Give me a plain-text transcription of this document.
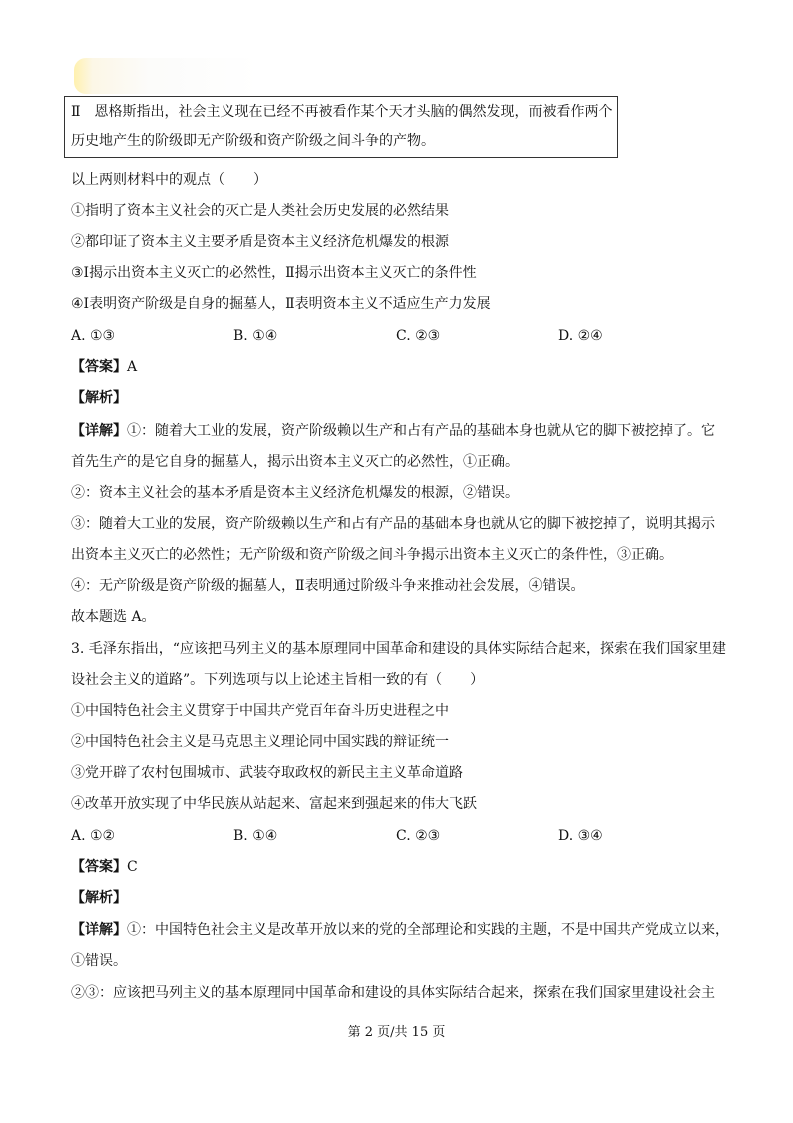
Ⅱ　恩格斯指出，社会主义现在已经不再被看作某个天才头脑的偶然发现，而被看作两个
历史地产生的阶级即无产阶级和资产阶级之间斗争的产物。
以上两则材料中的观点（　　）
①指明了资本主义社会的灭亡是人类社会历史发展的必然结果
②都印证了资本主义主要矛盾是资本主义经济危机爆发的根源
③Ⅰ揭示出资本主义灭亡的必然性，Ⅱ揭示出资本主义灭亡的条件性
④Ⅰ表明资产阶级是自身的掘墓人，Ⅱ表明资本主义不适应生产力发展
A. ①③	B. ①④	C. ②③	D. ②④
【答案】A
【解析】
【详解】①：随着大工业的发展，资产阶级赖以生产和占有产品的基础本身也就从它的脚下被挖掉了。它
首先生产的是它自身的掘墓人，揭示出资本主义灭亡的必然性，①正确。
②：资本主义社会的基本矛盾是资本主义经济危机爆发的根源，②错误。
③：随着大工业的发展，资产阶级赖以生产和占有产品的基础本身也就从它的脚下被挖掉了，说明其揭示
出资本主义灭亡的必然性；无产阶级和资产阶级之间斗争揭示出资本主义灭亡的条件性，③正确。
④：无产阶级是资产阶级的掘墓人，Ⅱ表明通过阶级斗争来推动社会发展，④错误。
故本题选 A。
3. 毛泽东指出，“应该把马列主义的基本原理同中国革命和建设的具体实际结合起来，探索在我们国家里建
设社会主义的道路”。下列选项与以上论述主旨相一致的有（　　）
①中国特色社会主义贯穿于中国共产党百年奋斗历史进程之中
②中国特色社会主义是马克思主义理论同中国实践的辩证统一
③党开辟了农村包围城市、武装夺取政权的新民主主义革命道路
④改革开放实现了中华民族从站起来、富起来到强起来的伟大飞跃
A. ①②	B. ①④	C. ②③	D. ③④
【答案】C
【解析】
【详解】①：中国特色社会主义是改革开放以来的党的全部理论和实践的主题，不是中国共产党成立以来，
①错误。
②③：应该把马列主义的基本原理同中国革命和建设的具体实际结合起来，探索在我们国家里建设社会主
第 2 页/共 15 页
